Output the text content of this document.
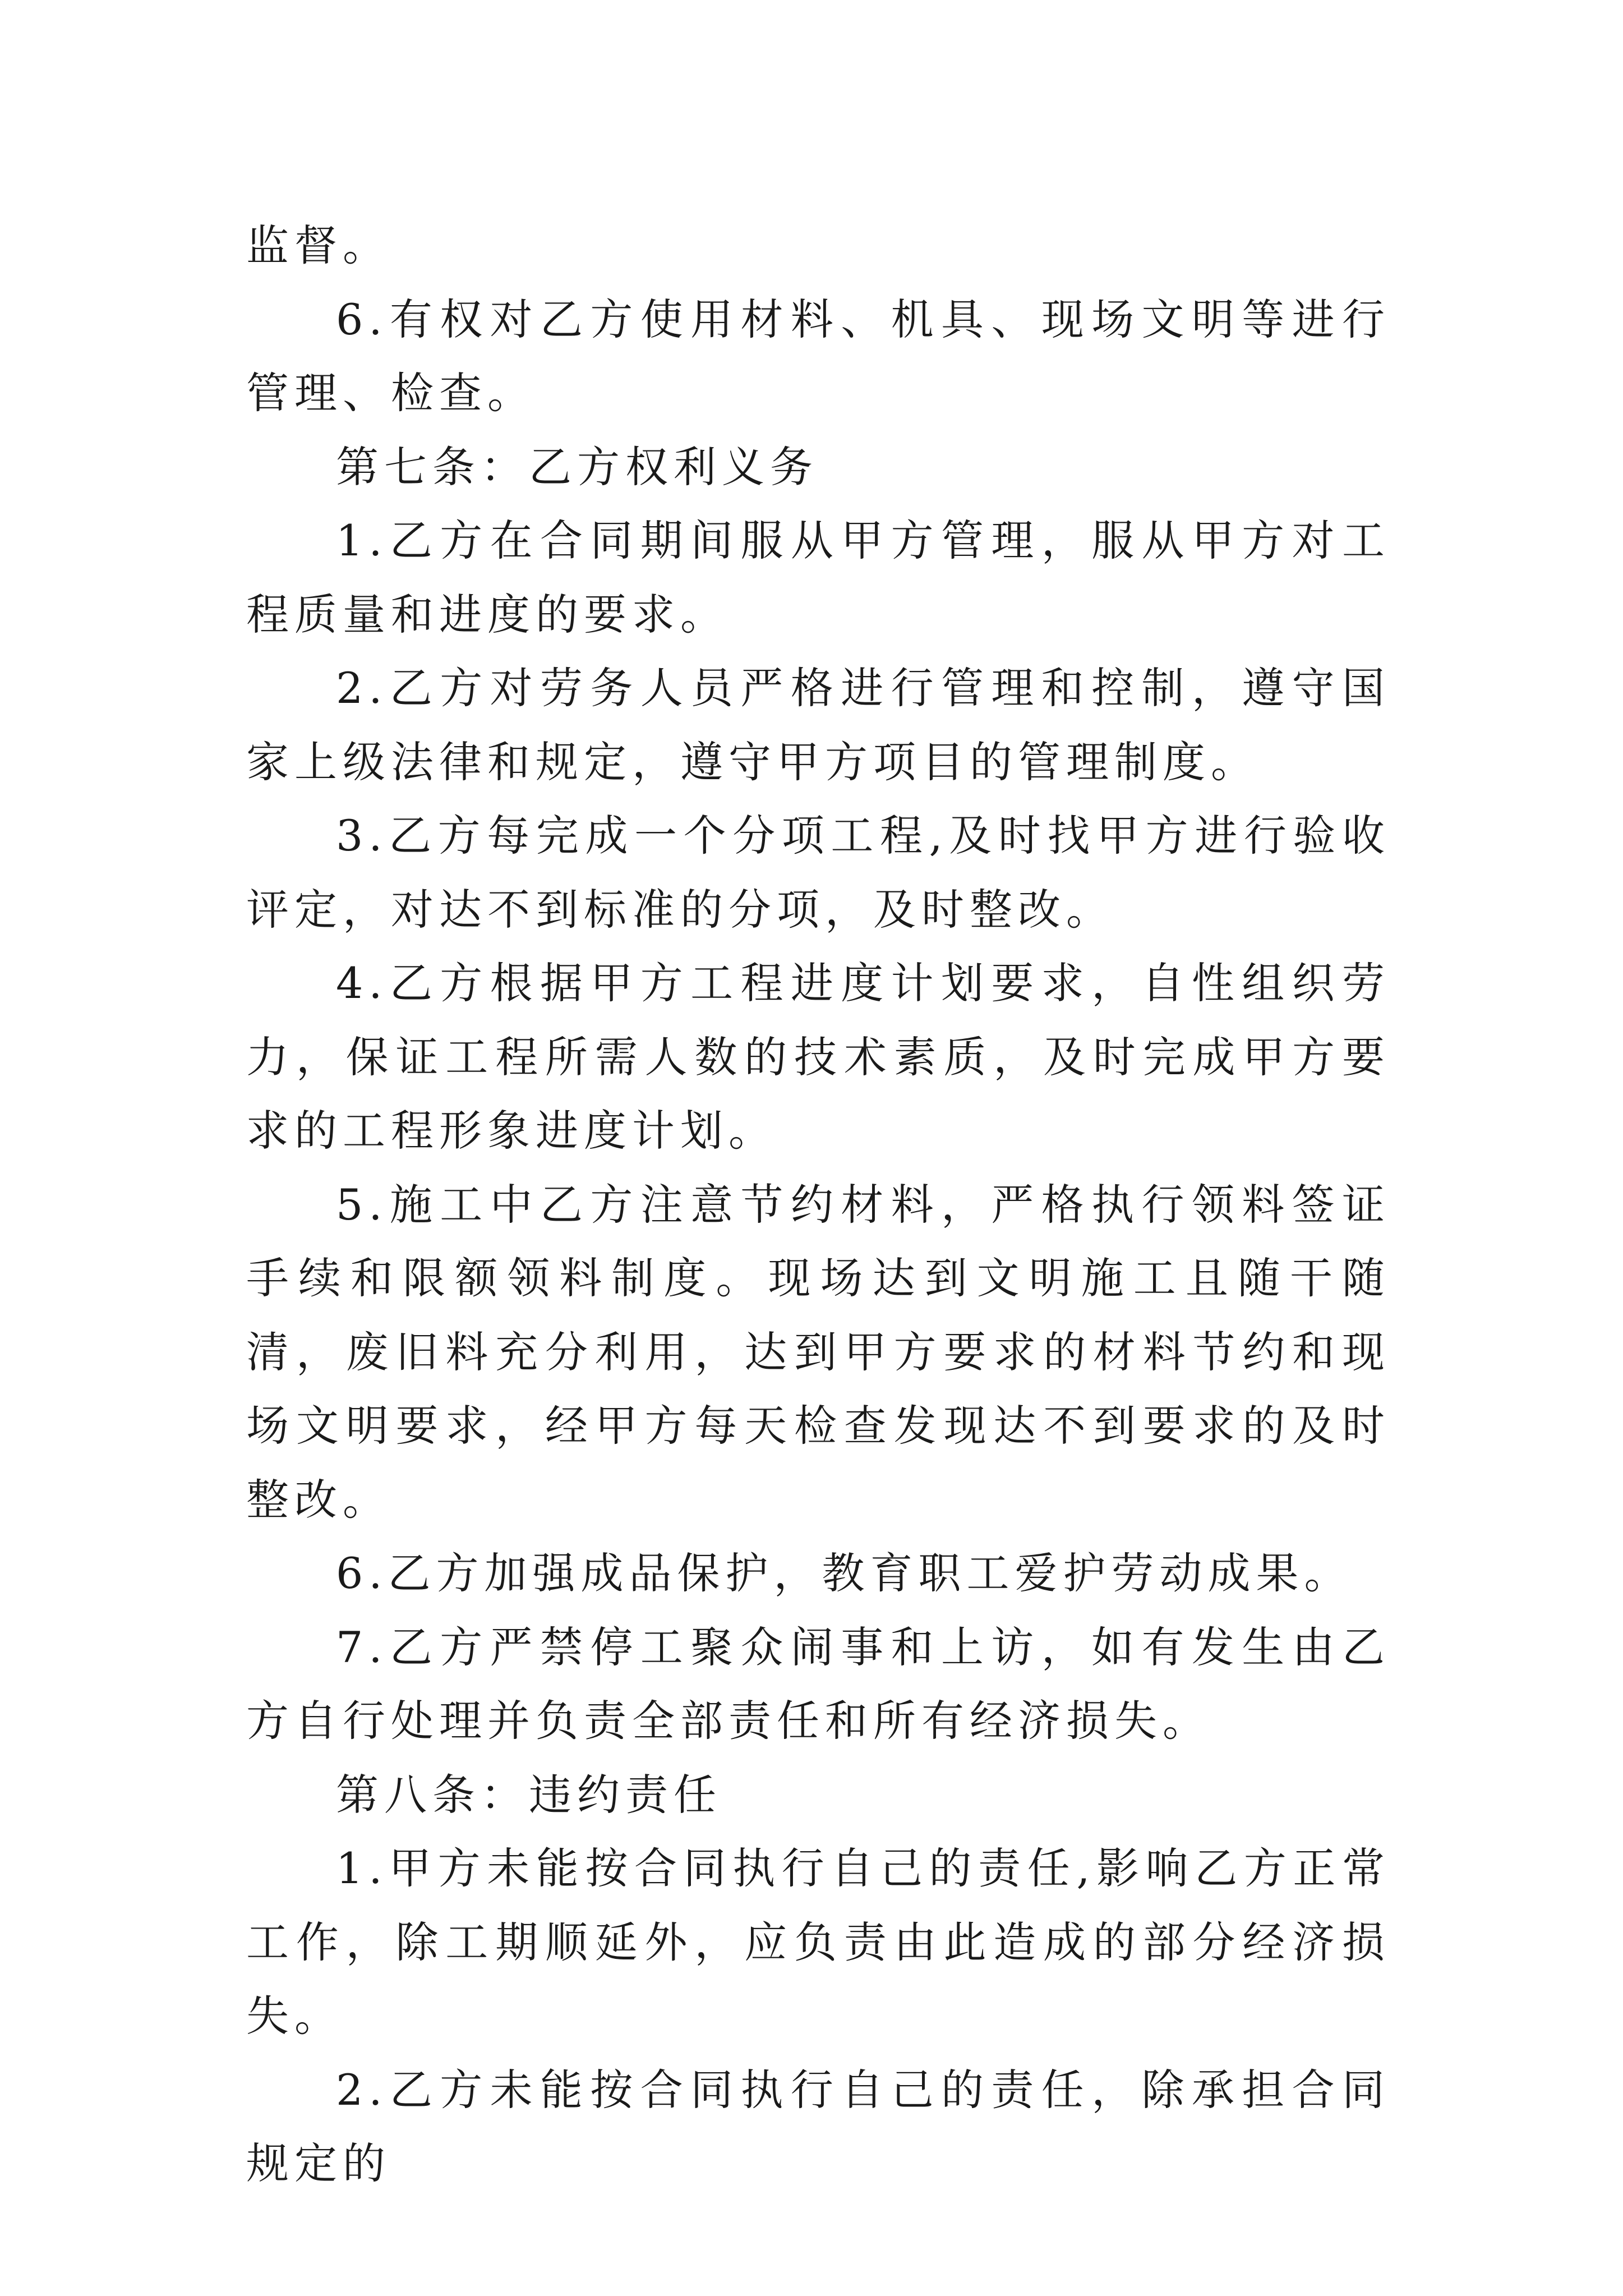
监督。

6.有权对乙方使用材料、机具、现场文明等进行管理、检查。

第七条：乙方权利义务

1.乙方在合同期间服从甲方管理，服从甲方对工程质量和进度的要求。

2.乙方对劳务人员严格进行管理和控制，遵守国家上级法律和规定，遵守甲方项目的管理制度。

3.乙方每完成一个分项工程,及时找甲方进行验收评定，对达不到标准的分项，及时整改。

4.乙方根据甲方工程进度计划要求，自性组织劳力，保证工程所需人数的技术素质，及时完成甲方要求的工程形象进度计划。

5.施工中乙方注意节约材料，严格执行领料签证手续和限额领料制度。现场达到文明施工且随干随清，废旧料充分利用，达到甲方要求的材料节约和现场文明要求，经甲方每天检查发现达不到要求的及时整改。

6.乙方加强成品保护，教育职工爱护劳动成果。

7.乙方严禁停工聚众闹事和上访，如有发生由乙方自行处理并负责全部责任和所有经济损失。

第八条：违约责任

1.甲方未能按合同执行自己的责任,影响乙方正常工作，除工期顺延外，应负责由此造成的部分经济损失。

2.乙方未能按合同执行自己的责任，除承担合同规定的
